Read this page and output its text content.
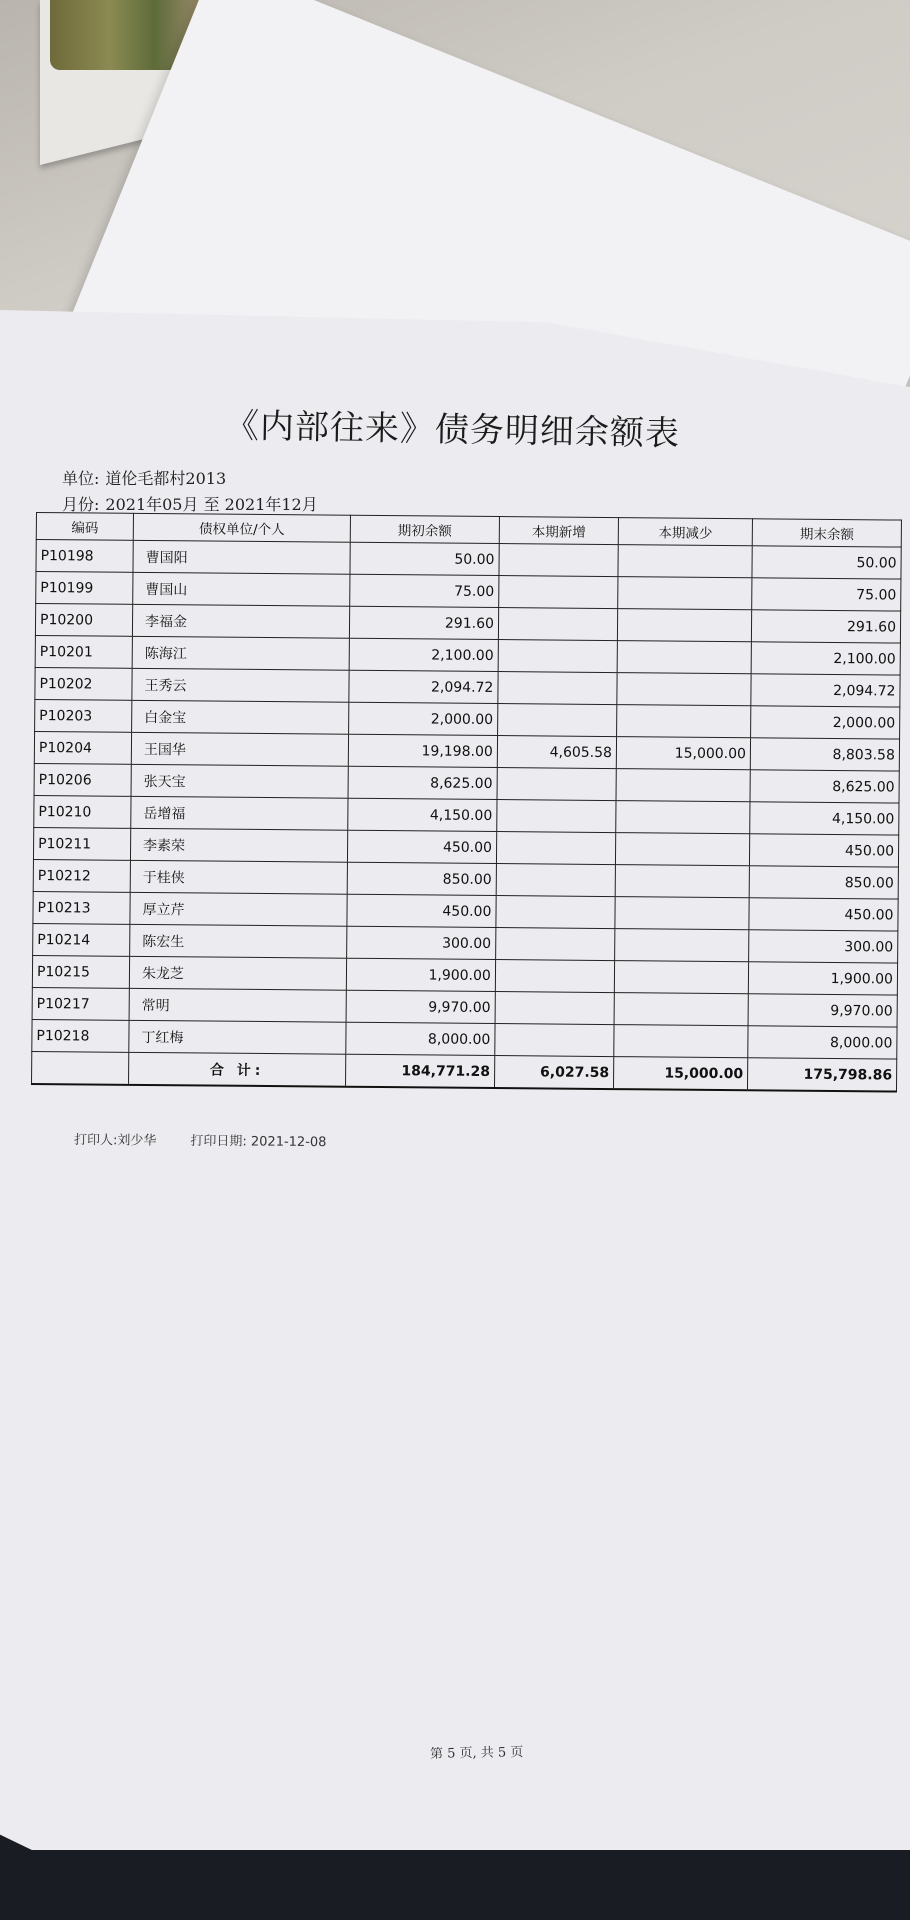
《内部往来》债务明细余额表
单位: 道伦毛都村2013
月份: 2021年05月 至 2021年12月
编码	债权单位/个人	期初余额	本期新增	本期减少	期末余额
P10198	曹国阳	50.00			50.00
P10199	曹国山	75.00			75.00
P10200	李福金	291.60			291.60
P10201	陈海江	2,100.00			2,100.00
P10202	王秀云	2,094.72			2,094.72
P10203	白金宝	2,000.00			2,000.00
P10204	王国华	19,198.00	4,605.58	15,000.00	8,803.58
P10206	张天宝	8,625.00			8,625.00
P10210	岳增福	4,150.00			4,150.00
P10211	李素荣	450.00			450.00
P10212	于桂侠	850.00			850.00
P10213	厚立芹	450.00			450.00
P10214	陈宏生	300.00			300.00
P10215	朱龙芝	1,900.00			1,900.00
P10217	常明	9,970.00			9,970.00
P10218	丁红梅	8,000.00			8,000.00
	合 计:	184,771.28	6,027.58	15,000.00	175,798.86
打印人:刘少华	打印日期: 2021-12-08
第 5 页, 共 5 页
